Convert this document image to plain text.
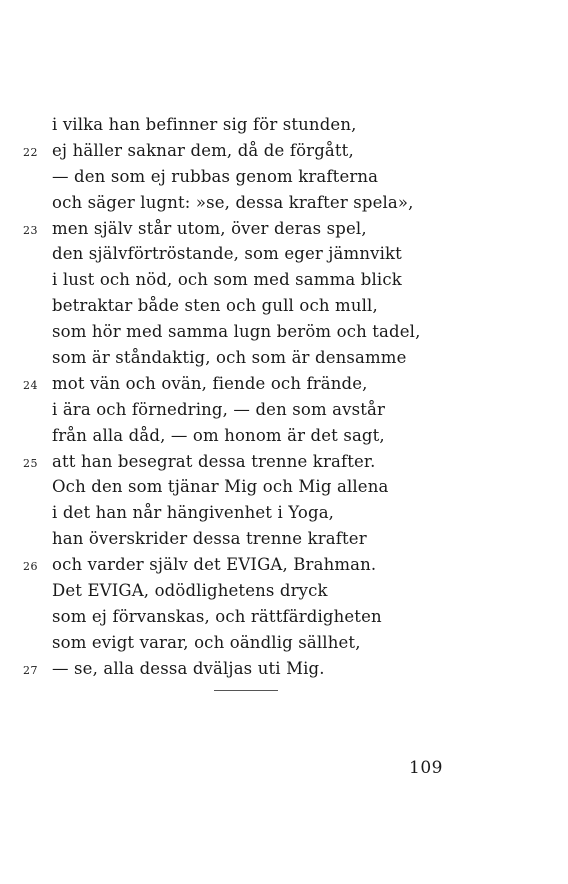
i vilka han befinner sig för stunden,
22 ej häller saknar dem, då de förgått,
— den som ej rubbas genom krafterna
och säger lugnt: »se, dessa krafter spela»,
23 men själv står utom, över deras spel,
den självförtröstande, som eger jämnvikt
i lust och nöd, och som med samma blick
betraktar både sten och gull och mull,
som hör med samma lugn beröm och tadel,
som är ståndaktig, och som är densamme
24 mot vän och ovän, fiende och frände,
i ära och förnedring, — den som avstår
från alla dåd, — om honom är det sagt,
25 att han besegrat dessa trenne krafter.
Och den som tjänar Mig och Mig allena
i det han når hängivenhet i Yoga,
han överskrider dessa trenne krafter
26 och varder själv det EVIGA, Brahman.
Det EVIGA, odödlighetens dryck
som ej förvanskas, och rättfärdigheten
som evigt varar, och oändlig sällhet,
27 — se, alla dessa dväljas uti Mig.
109
